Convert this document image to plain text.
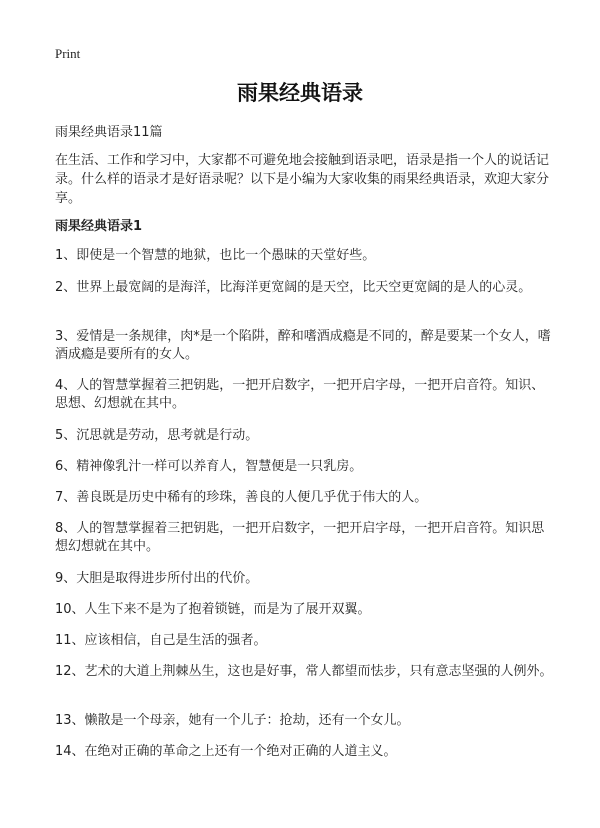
Print
雨果经典语录

雨果经典语录11篇

在生活、工作和学习中，大家都不可避免地会接触到语录吧，语录是指一个人的说话记录。什么样的语录才是好语录呢？以下是小编为大家收集的雨果经典语录，欢迎大家分享。

雨果经典语录1

1、即使是一个智慧的地狱，也比一个愚昧的天堂好些。

2、世界上最宽阔的是海洋，比海洋更宽阔的是天空，比天空更宽阔的是人的心灵。

3、爱情是一条规律，肉*是一个陷阱，醉和嗜酒成瘾是不同的，醉是要某一个女人，嗜酒成瘾是要所有的女人。

4、人的智慧掌握着三把钥匙，一把开启数字，一把开启字母，一把开启音符。知识、思想、幻想就在其中。

5、沉思就是劳动，思考就是行动。

6、精神像乳汁一样可以养育人，智慧便是一只乳房。

7、善良既是历史中稀有的珍珠，善良的人便几乎优于伟大的人。

8、人的智慧掌握着三把钥匙，一把开启数字，一把开启字母，一把开启音符。知识思想幻想就在其中。

9、大胆是取得进步所付出的代价。

10、人生下来不是为了抱着锁链，而是为了展开双翼。

11、应该相信，自己是生活的强者。

12、艺术的大道上荆棘丛生，这也是好事，常人都望而怯步，只有意志坚强的人例外。

13、懒散是一个母亲，她有一个儿子：抢劫，还有一个女儿。

14、在绝对正确的革命之上还有一个绝对正确的人道主义。
